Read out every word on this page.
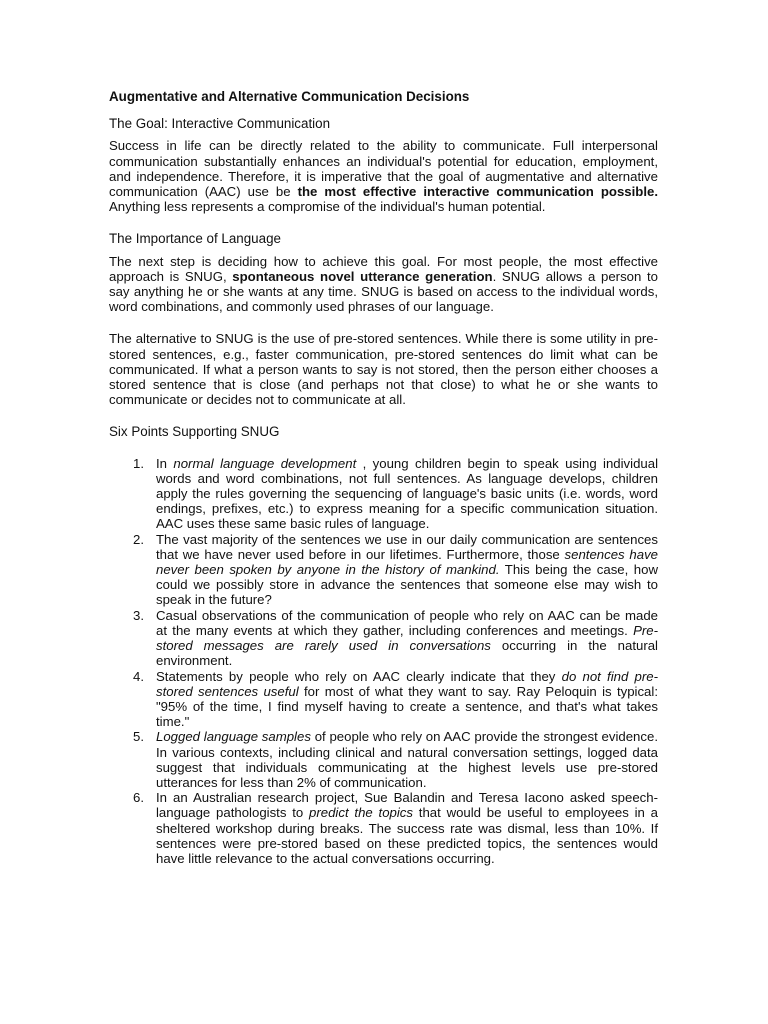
Augmentative and Alternative Communication Decisions
The Goal: Interactive Communication

Success in life can be directly related to the ability to communicate. Full interpersonal communication substantially enhances an individual's potential for education, employment, and independence. Therefore, it is imperative that the goal of augmentative and alternative communication (AAC) use be the most effective interactive communication possible. Anything less represents a compromise of the individual's human potential.

The Importance of Language

The next step is deciding how to achieve this goal. For most people, the most effective approach is SNUG, spontaneous novel utterance generation. SNUG allows a person to say anything he or she wants at any time. SNUG is based on access to the individual words, word combinations, and commonly used phrases of our language.

The alternative to SNUG is the use of pre-stored sentences. While there is some utility in pre-stored sentences, e.g., faster communication, pre-stored sentences do limit what can be communicated. If what a person wants to say is not stored, then the person either chooses a stored sentence that is close (and perhaps not that close) to what he or she wants to communicate or decides not to communicate at all.

Six Points Supporting SNUG
1. In normal language development , young children begin to speak using individual words and word combinations, not full sentences. As language develops, children apply the rules governing the sequencing of language's basic units (i.e. words, word endings, prefixes, etc.) to express meaning for a specific communication situation. AAC uses these same basic rules of language.
2. The vast majority of the sentences we use in our daily communication are sentences that we have never used before in our lifetimes. Furthermore, those sentences have never been spoken by anyone in the history of mankind. This being the case, how could we possibly store in advance the sentences that someone else may wish to speak in the future?
3. Casual observations of the communication of people who rely on AAC can be made at the many events at which they gather, including conferences and meetings. Pre-stored messages are rarely used in conversations occurring in the natural environment.
4. Statements by people who rely on AAC clearly indicate that they do not find pre-stored sentences useful for most of what they want to say. Ray Peloquin is typical: "95% of the time, I find myself having to create a sentence, and that's what takes time."
5. Logged language samples of people who rely on AAC provide the strongest evidence. In various contexts, including clinical and natural conversation settings, logged data suggest that individuals communicating at the highest levels use pre-stored utterances for less than 2% of communication.
6. In an Australian research project, Sue Balandin and Teresa Iacono asked speech-language pathologists to predict the topics that would be useful to employees in a sheltered workshop during breaks. The success rate was dismal, less than 10%. If sentences were pre-stored based on these predicted topics, the sentences would have little relevance to the actual conversations occurring.
